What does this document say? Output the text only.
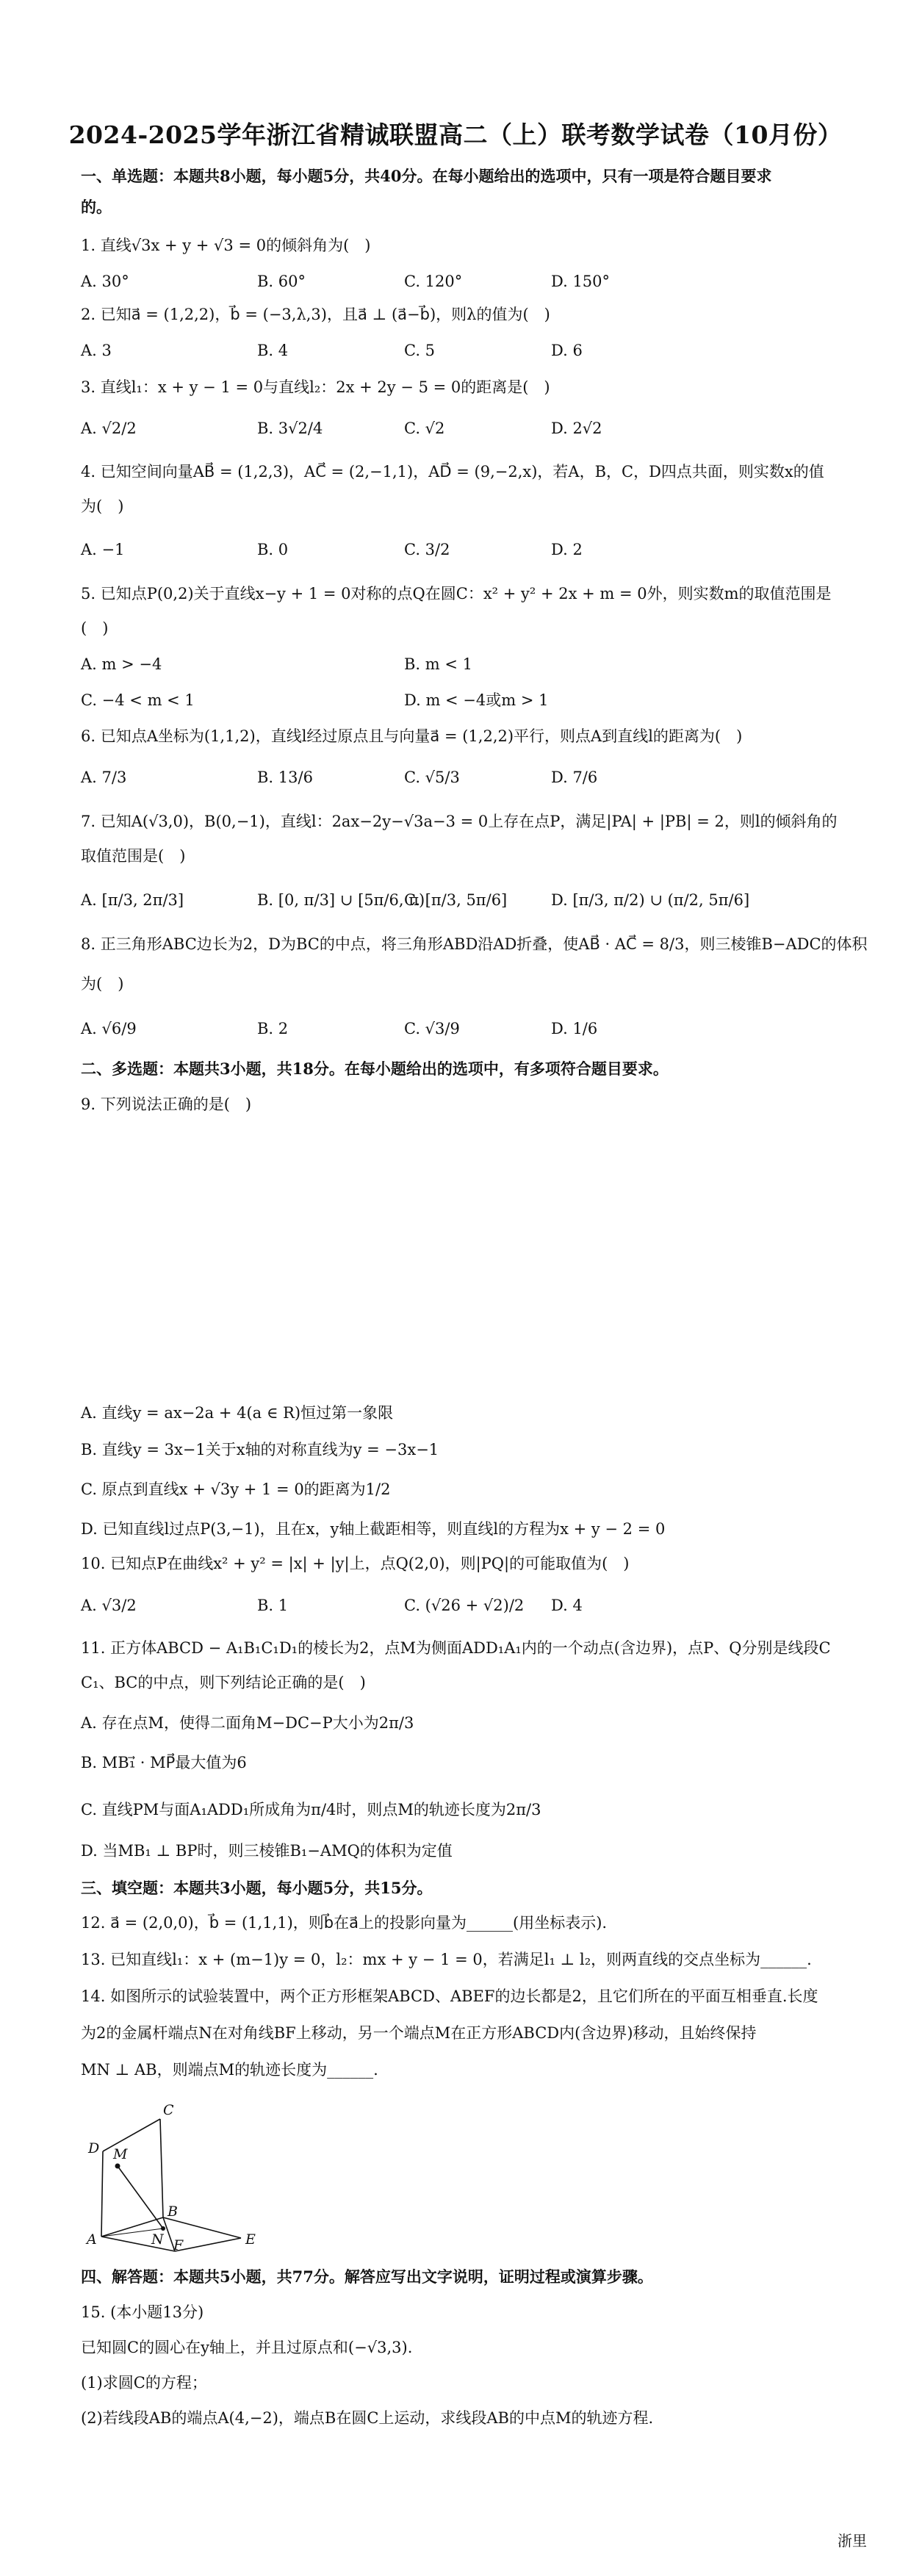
2024-2025学年浙江省精诚联盟高二（上）联考数学试卷（10月份）
一、单选题：本题共8小题，每小题5分，共40分。在每小题给出的选项中，只有一项是符合题目要求
的。
1. 直线√3x + y + √3 = 0的倾斜角为(　)
A. 30°	B. 60°	C. 120°	D. 150°
2. 已知a⃗ = (1,2,2)，b⃗ = (−3,λ,3)，且a⃗ ⊥ (a⃗−b⃗)，则λ的值为(　)
A. 3	B. 4	C. 5	D. 6
3. 直线l₁：x + y − 1 = 0与直线l₂：2x + 2y − 5 = 0的距离是(　)
A. √2/2	B. 3√2/4	C. √2	D. 2√2
4. 已知空间向量AB⃗ = (1,2,3)，AC⃗ = (2,−1,1)，AD⃗ = (9,−2,x)，若A，B，C，D四点共面，则实数x的值
为(　)
A. −1	B. 0	C. 3/2	D. 2
5. 已知点P(0,2)关于直线x−y + 1 = 0对称的点Q在圆C：x² + y² + 2x + m = 0外，则实数m的取值范围是
(　)
A. m > −4	B. m < 1
C. −4 < m < 1	D. m < −4或m > 1
6. 已知点A坐标为(1,1,2)，直线l经过原点且与向量a⃗ = (1,2,2)平行，则点A到直线l的距离为(　)
A. 7/3	B. 13/6	C. √5/3	D. 7/6
7. 已知A(√3,0)，B(0,−1)，直线l：2ax−2y−√3a−3 = 0上存在点P，满足|PA| + |PB| = 2，则l的倾斜角的
取值范围是(　)
A. [π/3, 2π/3]	B. [0, π/3] ∪ [5π/6, π)
C. [π/3, 5π/6]	D. [π/3, π/2) ∪ (π/2, 5π/6]
8. 正三角形ABC边长为2，D为BC的中点，将三角形ABD沿AD折叠，使AB⃗ · AC⃗ = 8/3，则三棱锥B−ADC的体积
为(　)
A. √6/9	B. 2	C. √3/9	D. 1/6
二、多选题：本题共3小题，共18分。在每小题给出的选项中，有多项符合题目要求。
9. 下列说法正确的是(　)
A. 直线y = ax−2a + 4(a ∈ R)恒过第一象限
B. 直线y = 3x−1关于x轴的对称直线为y = −3x−1
C. 原点到直线x + √3y + 1 = 0的距离为1/2
D. 已知直线l过点P(3,−1)，且在x，y轴上截距相等，则直线l的方程为x + y − 2 = 0
10. 已知点P在曲线x² + y² = |x| + |y|上，点Q(2,0)，则|PQ|的可能取值为(　)
A. √3/2	B. 1	C. (√26 + √2)/2 D. 4
11. 正方体ABCD − A₁B₁C₁D₁的棱长为2，点M为侧面ADD₁A₁内的一个动点(含边界)，点P、Q分别是线段C
C₁、BC的中点，则下列结论正确的是(　)
A. 存在点M，使得二面角M−DC−P大小为2π/3
B. MB₁⃗ · MP⃗最大值为6
C. 直线PM与面A₁ADD₁所成角为π/4时，则点M的轨迹长度为2π/3
D. 当MB₁ ⊥ BP时，则三棱锥B₁−AMQ的体积为定值
三、填空题：本题共3小题，每小题5分，共15分。
12. a⃗ = (2,0,0)，b⃗ = (1,1,1)，则b⃗在a⃗上的投影向量为______(用坐标表示).
13. 已知直线l₁：x + (m−1)y = 0，l₂：mx + y − 1 = 0，若满足l₁ ⊥ l₂，则两直线的交点坐标为______.
14. 如图所示的试验装置中，两个正方形框架ABCD、ABEF的边长都是2，且它们所在的平面互相垂直.长度
为2的金属杆端点N在对角线BF上移动，另一个端点M在正方形ABCD内(含边界)移动，且始终保持
MN ⊥ AB，则端点M的轨迹长度为______.
C
D M
B
N	E
A	F
四、解答题：本题共5小题，共77分。解答应写出文字说明，证明过程或演算步骤。
15. (本小题13分)
已知圆C的圆心在y轴上，并且过原点和(−√3,3).
(1)求圆C的方程；
(2)若线段AB的端点A(4,−2)，端点B在圆C上运动，求线段AB的中点M的轨迹方程.
浙里
